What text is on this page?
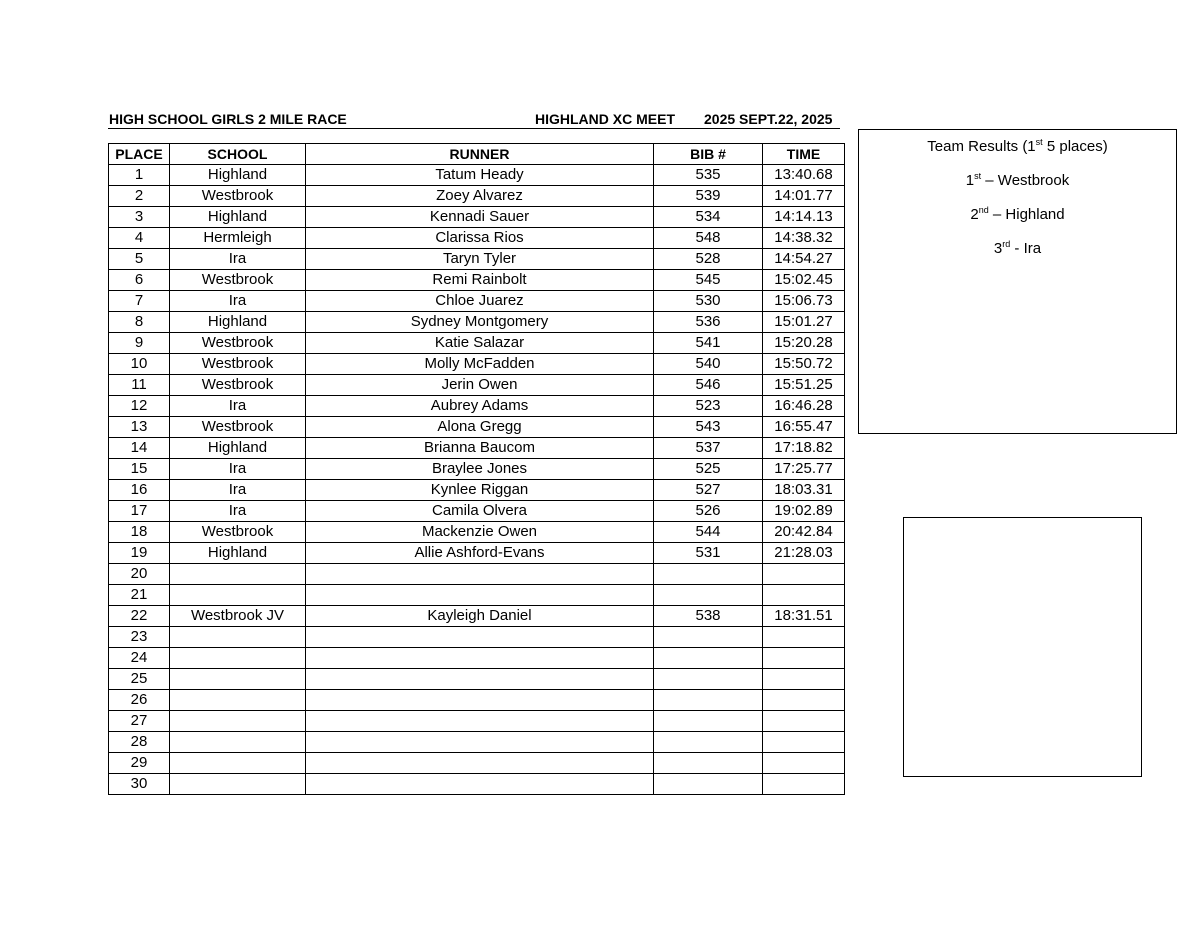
HIGH SCHOOL GIRLS 2 MILE RACE	HIGHLAND XC MEET 2025 SEPT.22, 2025
PLACE	SCHOOL	RUNNER	BIB #	TIME
1	Highland	Tatum Heady	535	13:40.68
2	Westbrook	Zoey Alvarez	539	14:01.77
3	Highland	Kennadi Sauer	534	14:14.13
4	Hermleigh	Clarissa Rios	548	14:38.32
5	Ira	Taryn Tyler	528	14:54.27
6	Westbrook	Remi Rainbolt	545	15:02.45
7	Ira	Chloe Juarez	530	15:06.73
8	Highland	Sydney Montgomery	536	15:01.27
9	Westbrook	Katie Salazar	541	15:20.28
10	Westbrook	Molly McFadden	540	15:50.72
11	Westbrook	Jerin Owen	546	15:51.25
12	Ira	Aubrey Adams	523	16:46.28
13	Westbrook	Alona Gregg	543	16:55.47
14	Highland	Brianna Baucom	537	17:18.82
15	Ira	Braylee Jones	525	17:25.77
16	Ira	Kynlee Riggan	527	18:03.31
17	Ira	Camila Olvera	526	19:02.89
18	Westbrook	Mackenzie Owen	544	20:42.84
19	Highland	Allie Ashford-Evans	531	21:28.03
20				
21				
22	Westbrook JV	Kayleigh Daniel	538	18:31.51
23				
24				
25				
26				
27				
28				
29				
30				
Team Results (1st 5 places)
1st – Westbrook
2nd – Highland
3rd - Ira
